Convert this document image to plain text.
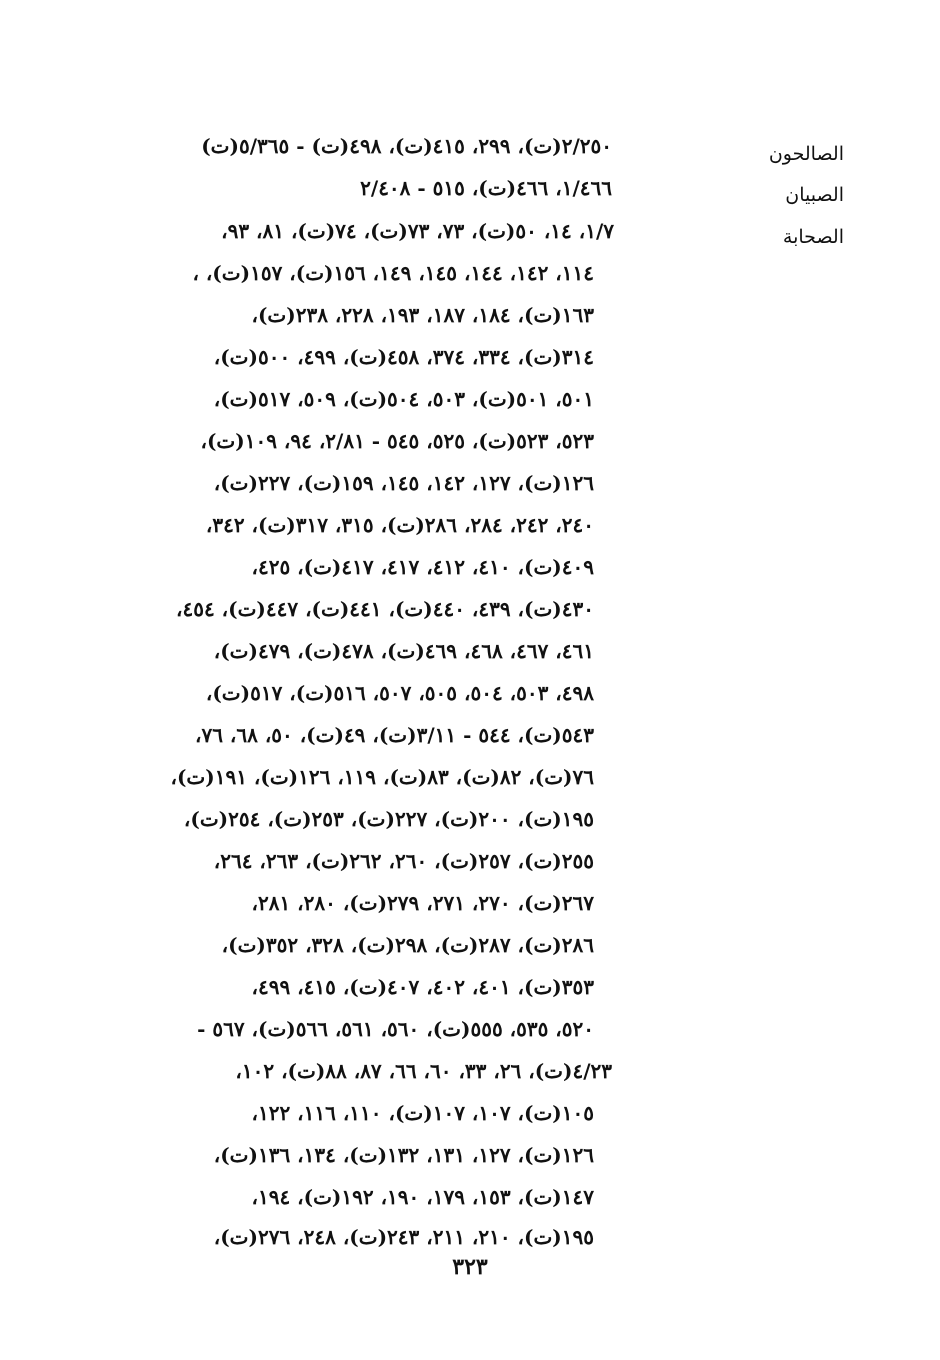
الصالحون
٢/٢٥٠(ت)، ٢٩٩، ٤١٥(ت)، ٤٩٨(ت) - ٥/٣٦٥(ت)
الصبيان
١/٤٦٦، ٤٦٦(ت)، ٥١٥ - ٢/٤٠٨
الصحابة
١/٧، ١٤، ٥٠(ت)، ٧٣، ٧٣(ت)، ٧٤(ت)، ٨١، ٩٣،
١١٤، ١٤٢، ١٤٤، ١٤٥، ١٤٩، ١٥٦(ت)، ١٥٧(ت)، ،
١٦٣(ت)، ١٨٤، ١٨٧، ١٩٣، ٢٢٨، ٢٣٨(ت)،
٣١٤(ت)، ٣٣٤، ٣٧٤، ٤٥٨(ت)، ٤٩٩، ٥٠٠(ت)،
٥٠١، ٥٠١(ت)، ٥٠٣، ٥٠٤(ت)، ٥٠٩، ٥١٧(ت)،
٥٢٣، ٥٢٣(ت)، ٥٢٥، ٥٤٥ - ٢/٨١، ٩٤، ١٠٩(ت)،
١٢٦(ت)، ١٢٧، ١٤٢، ١٤٥، ١٥٩(ت)، ٢٢٧(ت)،
٢٤٠، ٢٤٢، ٢٨٤، ٢٨٦(ت)، ٣١٥، ٣١٧(ت)، ٣٤٢،
٤٠٩(ت)، ٤١٠، ٤١٢، ٤١٧، ٤١٧(ت)، ٤٢٥،
٤٣٠(ت)، ٤٣٩، ٤٤٠(ت)، ٤٤١(ت)، ٤٤٧(ت)، ٤٥٤،
٤٦١، ٤٦٧، ٤٦٨، ٤٦٩(ت)، ٤٧٨(ت)، ٤٧٩(ت)،
٤٩٨، ٥٠٣، ٥٠٤، ٥٠٥، ٥٠٧، ٥١٦(ت)، ٥١٧(ت)،
٥٤٣(ت)، ٥٤٤ - ٣/١١(ت)، ٤٩(ت)، ٥٠، ٦٨، ٧٦،
٧٦(ت)، ٨٢(ت)، ٨٣(ت)، ١١٩، ١٢٦(ت)، ١٩١(ت)،
١٩٥(ت)، ٢٠٠(ت)، ٢٢٧(ت)، ٢٥٣(ت)، ٢٥٤(ت)،
٢٥٥(ت)، ٢٥٧(ت)، ٢٦٠، ٢٦٢(ت)، ٢٦٣، ٢٦٤،
٢٦٧(ت)، ٢٧٠، ٢٧١، ٢٧٩(ت)، ٢٨٠، ٢٨١،
٢٨٦(ت)، ٢٨٧(ت)، ٢٩٨(ت)، ٣٢٨، ٣٥٢(ت)،
٣٥٣(ت)، ٤٠١، ٤٠٢، ٤٠٧(ت)، ٤١٥، ٤٩٩،
٥٢٠، ٥٣٥، ٥٥٥(ت)، ٥٦٠، ٥٦١، ٥٦٦(ت)، ٥٦٧ -
٤/٢٣(ت)، ٢٦، ٣٣، ٦٠، ٦٦، ٨٧، ٨٨(ت)، ١٠٢،
١٠٥(ت)، ١٠٧، ١٠٧(ت)، ١١٠، ١١٦، ١٢٢،
١٢٦(ت)، ١٢٧، ١٣١، ١٣٢(ت)، ١٣٤، ١٣٦(ت)،
١٤٧(ت)، ١٥٣، ١٧٩، ١٩٠، ١٩٢(ت)، ١٩٤،
١٩٥(ت)، ٢١٠، ٢١١، ٢٤٣(ت)، ٢٤٨، ٢٧٦(ت)،
٣٢٣
